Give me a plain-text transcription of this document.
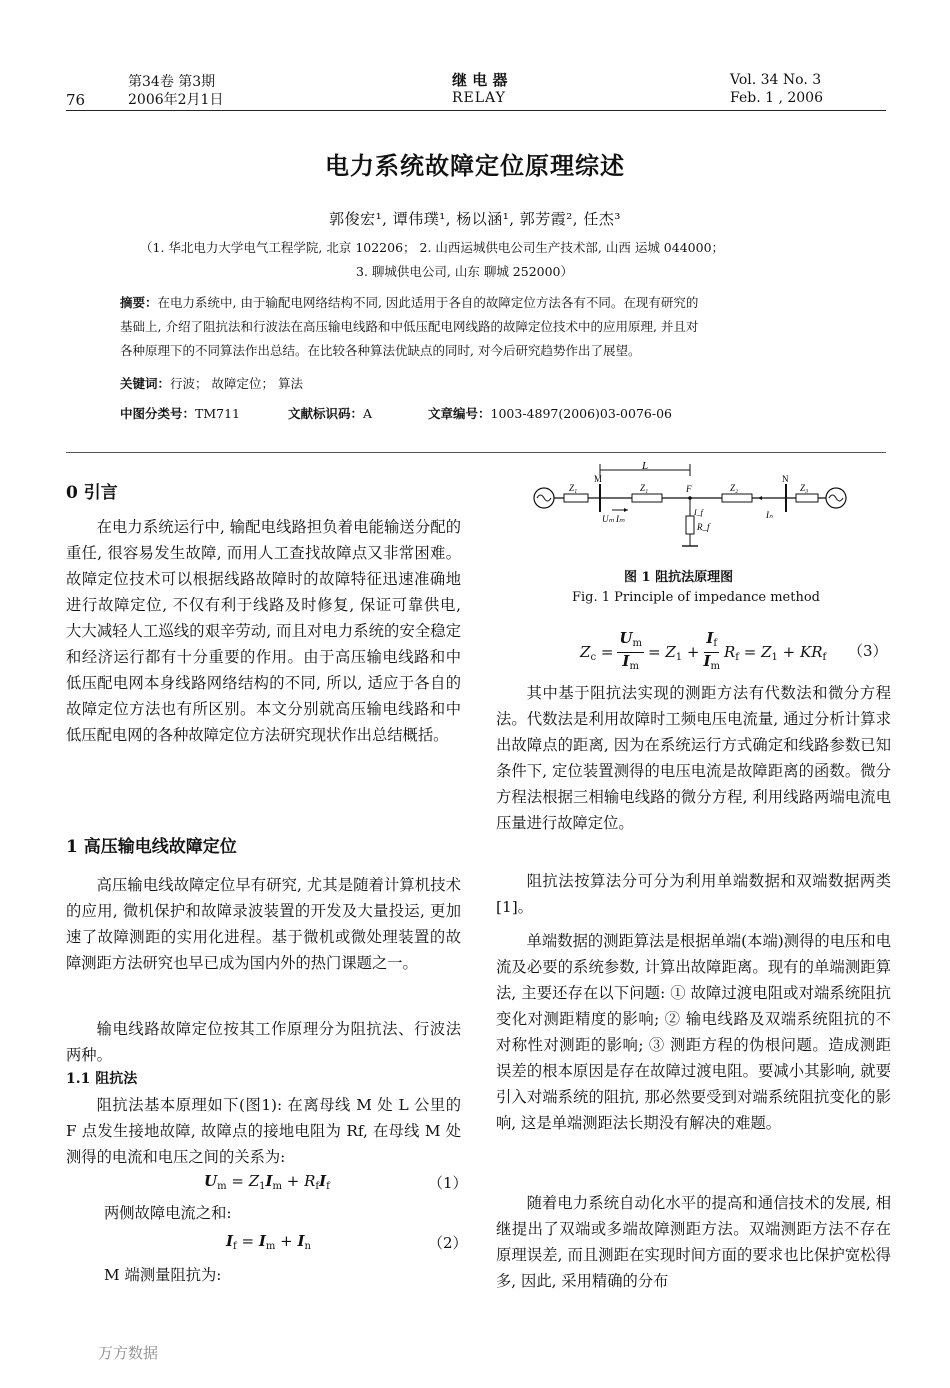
76
第34卷 第3期
2006年2月1日
继 电 器
RELAY
Vol. 34 No. 3
Feb. 1 , 2006
电力系统故障定位原理综述
郭俊宏¹, 谭伟璞¹, 杨以涵¹, 郭芳霞², 任杰³
（1. 华北电力大学电气工程学院, 北京 102206； 2. 山西运城供电公司生产技术部, 山西 运城 044000；
3. 聊城供电公司, 山东 聊城 252000）
摘要：在电力系统中, 由于输配电网络结构不同, 因此适用于各自的故障定位方法各有不同。在现有研究的
基础上, 介绍了阻抗法和行波法在高压输电线路和中低压配电网线路的故障定位技术中的应用原理, 并且对
各种原理下的不同算法作出总结。在比较各种算法优缺点的同时, 对今后研究趋势作出了展望。
关键词：行波； 故障定位； 算法
中图分类号：TM711	文献标识码：A	文章编号：1003-4897(2006)03-0076-06
0 引言
在电力系统运行中, 输配电线路担负着电能输送分配的重任, 很容易发生故障, 而用人工查找故障点又非常困难。故障定位技术可以根据线路故障时的故障特征迅速准确地进行故障定位, 不仅有利于线路及时修复, 保证可靠供电, 大大减轻人工巡线的艰辛劳动, 而且对电力系统的安全稳定和经济运行都有十分重要的作用。由于高压输电线路和中低压配电网本身线路网络结构的不同, 所以, 适应于各自的故障定位方法也有所区别。本文分别就高压输电线路和中低压配电网的各种故障定位方法研究现状作出总结概括。
1 高压输电线故障定位
高压输电线故障定位早有研究, 尤其是随着计算机技术的应用, 微机保护和故障录波装置的开发及大量投运, 更加速了故障测距的实用化进程。基于微机或微处理装置的故障测距方法研究也早已成为国内外的热门课题之一。
输电线路故障定位按其工作原理分为阻抗法、行波法两种。
1.1 阻抗法
阻抗法基本原理如下(图1): 在离母线 M 处 L 公里的 F 点发生接地故障, 故障点的接地电阻为 Rf, 在母线 M 处测得的电流和电压之间的关系为:
$U_m = Z_1I_m + R_fI_f$	（1）
两侧故障电流之和:
$I_f = I_m + I_n$	（2）
M 端测量阻抗为:
L
Z₁	Z₁	Z₂	Z₃
M	N
F
R_f
I_f
Uₘ Iₘ	Iₙ
图 1 阻抗法原理图
Fig. 1 Principle of impedance method
$Z_c = \frac{U_m}{I_m} = Z_1 + \frac{I_f}{I_m} R_f = Z_1 + KR_f$ （3）
其中基于阻抗法实现的测距方法有代数法和微分方程法。代数法是利用故障时工频电压电流量, 通过分析计算求出故障点的距离, 因为在系统运行方式确定和线路参数已知条件下, 定位装置测得的电压电流是故障距离的函数。微分方程法根据三相输电线路的微分方程, 利用线路两端电流电压量进行故障定位。
阻抗法按算法分可分为利用单端数据和双端数据两类[1]。
单端数据的测距算法是根据单端(本端)测得的电压和电流及必要的系统参数, 计算出故障距离。现有的单端测距算法, 主要还存在以下问题: ① 故障过渡电阻或对端系统阻抗变化对测距精度的影响; ② 输电线路及双端系统阻抗的不对称性对测距的影响; ③ 测距方程的伪根问题。造成测距误差的根本原因是存在故障过渡电阻。要减小其影响, 就要引入对端系统的阻抗, 那必然要受到对端系统阻抗变化的影响, 这是单端测距法长期没有解决的难题。
随着电力系统自动化水平的提高和通信技术的发展, 相继提出了双端或多端故障测距方法。双端测距方法不存在原理误差, 而且测距在实现时间方面的要求也比保护宽松得多, 因此, 采用精确的分布
万方数据
